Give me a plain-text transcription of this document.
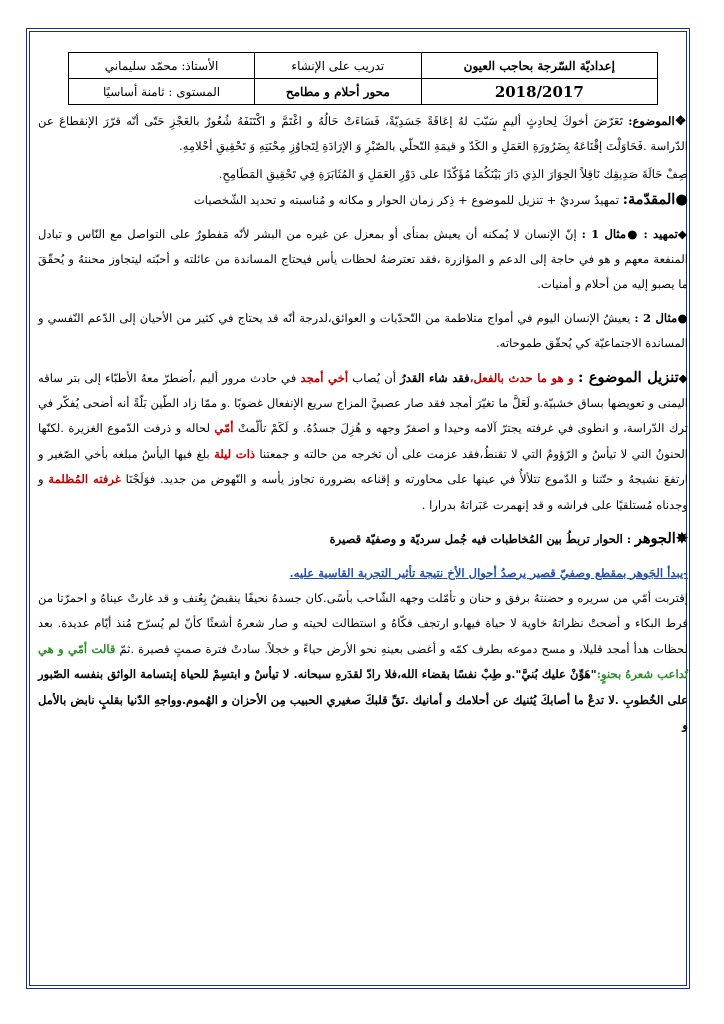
إعداديّة السّرجة بحاجب العيون	تدريب على الإنشاء	الأستاذ: محمّد سليماني
2018/2017	محور أحلام و مطامح	المستوى : ثامنة أساسيًا

❖الموضوع: تَعَرّضَ أخوكَ لِحادِثٍ أليمٍ سَبّبَ لهُ إعَاقَةً جَسَدِيّةً، فَسَاءَتْ حَالُهُ و اغْتَمَّ و اكْتَنَفَهُ شُعُورٌ بالعَجْزِ حَتّى أنّه قرّرَ الإنقطاعَ عن الدّراسة .فَحَاوَلْتَ إقْنَاعَهُ بِضَرُورَةِ العَمَلِ و الكَدّ و قيمَةِ التّحلّي بالصّبْرِ وَ الإرَادَةِ لِتَجاوُزِ مِحْنَتِهِ وَ تَحْقِيقِ أحْلامِهِ.

صِفْ حَالَةَ صَدِيقِك نَاقِلاً الحِوَارَ الذِي دَارَ بَيْنَكُمَا مُؤَكّدًا على دَوْرِ العَمَلِ وَ المُثَابَرَةِ فِي تَحْقِيقِ المَطَامِحِ.

●المقدّمة: تمهيدٌ سرديٌ + تنزيل للموضوع + ذِكر زمان الحوار و مكانه و مُناسبته و تحديد الشّخصيات

◆تمهيد : ●مثال 1 : إنّ الإنسان لا يُمكنه أن يعيش بمنأى أو بمعزل عن غيره من البشر لأنّه مَفطورٌ على التواصل مع النّاس و تبادل المنفعة معهم و هو في حاجة إلى الدعم و المؤازرة ،فقد تعترضهُ لحظات يأس فيحتاج المساندة من عائلته و أحبّته ليتجاوز محنتهُ و يُحقّقَ ما يصبو إليه من أحلام و أمنيات.

●مثال 2 : يعيشُ الإنسان اليوم في أمواج متلاطمة من التّحدّيات و العوائق،لدرجة أنّه قد يحتاج في كثير من الأحيان إلى الدّعم النّفسي و المساندة الاجتماعيّة كي يُحقّق طموحاته.

◆تنزيل الموضوع : و هو ما حدث بالفعل،فقد شاء القدرُ أن يُصاب أخي أمجد في حادث مرور أليم ،اُضطرّ معهُ الأطبّاء إلى بتر ساقه اليمنى و تعويضها بساق خشبيّة.و لَعَلَّ ما تغيّرَ أمجد فقد صار عصبيَّ المزاج سريع الإنفعال غضوبًا .و ممّا زاد الطّين بَلّةً أنه أضحى يُفكّر في ترك الدّراسة، و انطوى في غرفته يجترّ آلامه وحيدا و اصفرّ وجهه و هُزِلَ جسدُهُ. و لَكَمْ تألّمتْ أمّي لحاله و ذرفت الدّموع الغزيرة .لكنّها الحنونُ التي لا تيأسُ و الرّؤومُ التي لا تقنطُ،فقد عزمت على أن تخرجه من حالته و جمعتنا ذات ليلة بلغ فيها اليأسُ مبلغه بأخي الصّغير و ارتفعَ نشيجهُ و حتّتنا و الدّموع تتلألأُ في عينها على محاورته و إقناعه بضرورة تجاوز يأسه و النّهوض من جديد. فوَلَجْنَا غرفته المُظلمة و وجدناه مُستلقيًا على فراشه و قد إنهمرت عَبَراتهُ بدرارا .

✸الجوهر : الحوار تربطُ بين المُخاطبات فيه جُمل سرديّة و وصفيّة قصيرة

-يبدأ الجَوهر بمقطع وصفيّ قصير يرصدُ أحوال الأخ نتيجة تأثير التجربة القاسية عليه.

إقتربت أمّي من سريره و حضنتهُ برفق و حنان و تأمّلت وجهه الشّاحب بأسًى.كان جسدهُ نحيفًا ينقبضُ بِعُنف و قد غارتْ عيناهُ و احمرّتا من فرط البكاء و أضحتْ نظراتهُ خاوية لا حياة فيها،و ارتجف فكّاهُ و استطالت لحيته و صار شعرهُ أشعثًا كأنّ لم يُسرّح مُنذ أيّام عديدة. بعد لحظات هدأ أمجد قليلا، و مسح دموعه بطرف كمّه و أغضى بعينهِ نحو الأرض حياءً و خجلاً. سادتْ فترة صمتٍ قصيرة .ثمّ قالت أمّي و هي تُداعب شعرهُ بحنوٍ:"هَوِّنْ عليك بُنيَّ".و طِبْ نفسًا بقضاء الله،فلا رادّ لقدَرهِ سبحانه. لا تيأسْ و ابتسِمْ للحياة إبتسامة الواثق بنفسه الصّبور على الخُطوبِ .لا تدعْ ما أصابكَ يُثنيك عن أحلامك و أمانيك .نَقِّ قلبكَ صغيري الحبيب مِن الأحزان و الهُموم.وواجهِ الدّنيا بقلبٍ نابض بالأمل و
